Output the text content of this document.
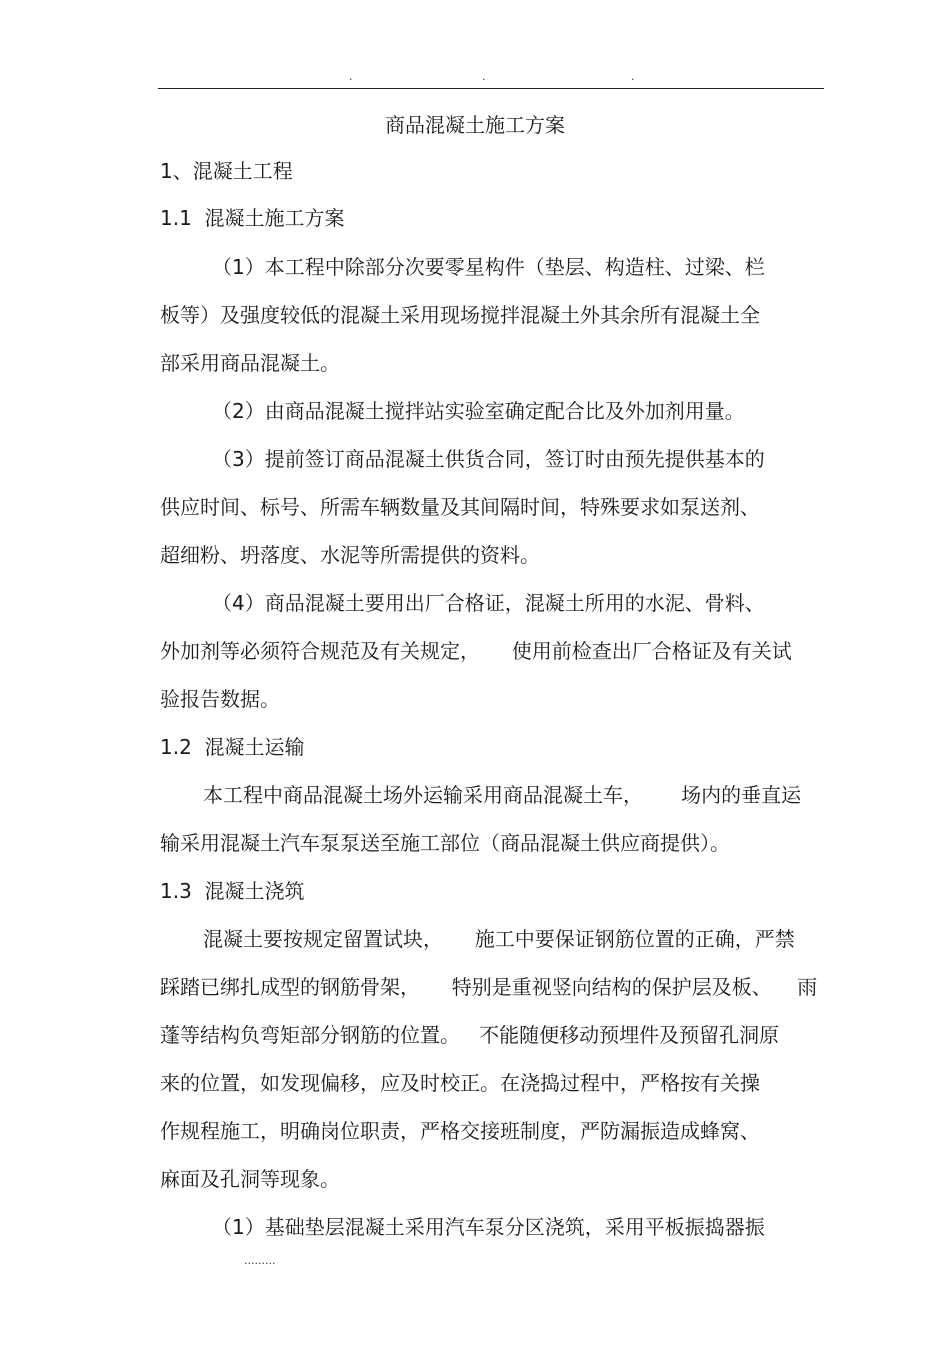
.	.	.
商品混凝土施工方案
1、混凝土工程
1.1  混凝土施工方案
（1）本工程中除部分次要零星构件（垫层、构造柱、过梁、栏
板等）及强度较低的混凝土采用现场搅拌混凝土外其余所有混凝土全
部采用商品混凝土。
（2）由商品混凝土搅拌站实验室确定配合比及外加剂用量。
（3）提前签订商品混凝土供货合同，签订时由预先提供基本的
供应时间、标号、所需车辆数量及其间隔时间，特殊要求如泵送剂、
超细粉、坍落度、水泥等所需提供的资料。
（4）商品混凝土要用出厂合格证，混凝土所用的水泥、骨料、
外加剂等必须符合规范及有关规定，     使用前检查出厂合格证及有关试
验报告数据。
1.2  混凝土运输
本工程中商品混凝土场外运输采用商品混凝土车，      场内的垂直运
输采用混凝土汽车泵泵送至施工部位（商品混凝土供应商提供）。
1.3  混凝土浇筑
混凝土要按规定留置试块，     施工中要保证钢筋位置的正确，严禁
踩踏已绑扎成型的钢筋骨架，     特别是重视竖向结构的保护层及板、    雨
蓬等结构负弯矩部分钢筋的位置。   不能随便移动预埋件及预留孔洞原
来的位置，如发现偏移，应及时校正。在浇捣过程中，严格按有关操
作规程施工，明确岗位职责，严格交接班制度，严防漏振造成蜂窝、
麻面及孔洞等现象。
（1）基础垫层混凝土采用汽车泵分区浇筑，采用平板振捣器振
.........
